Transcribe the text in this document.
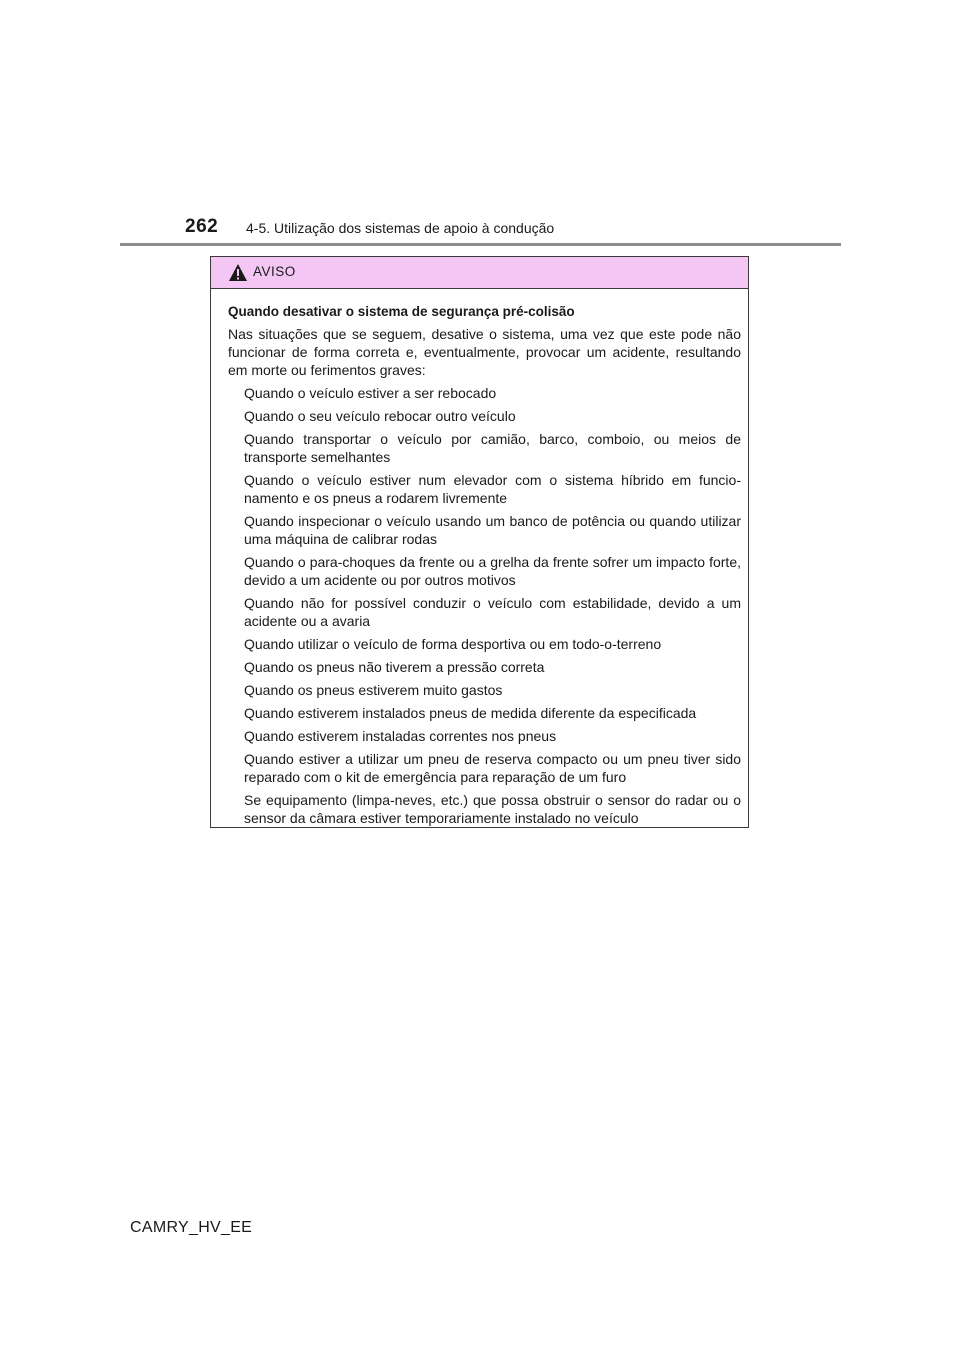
262 4-5. Utilização dos sistemas de apoio à condução
AVISO

Quando desativar o sistema de segurança pré-colisão

Nas situações que se seguem, desative o sistema, uma vez que este pode não funcionar de forma correta e, eventualmente, provocar um acidente, resultando em morte ou ferimentos graves:

Quando o veículo estiver a ser rebocado
Quando o seu veículo rebocar outro veículo
Quando transportar o veículo por camião, barco, comboio, ou meios de transporte semelhantes
Quando o veículo estiver num elevador com o sistema híbrido em funcio-namento e os pneus a rodarem livremente
Quando inspecionar o veículo usando um banco de potência ou quando utilizar uma máquina de calibrar rodas
Quando o para-choques da frente ou a grelha da frente sofrer um impacto forte, devido a um acidente ou por outros motivos
Quando não for possível conduzir o veículo com estabilidade, devido a um acidente ou a avaria
Quando utilizar o veículo de forma desportiva ou em todo-o-terreno
Quando os pneus não tiverem a pressão correta
Quando os pneus estiverem muito gastos
Quando estiverem instalados pneus de medida diferente da especificada
Quando estiverem instaladas correntes nos pneus
Quando estiver a utilizar um pneu de reserva compacto ou um pneu tiver sido reparado com o kit de emergência para reparação de um furo
Se equipamento (limpa-neves, etc.) que possa obstruir o sensor do radar ou o sensor da câmara estiver temporariamente instalado no veículo
CAMRY_HV_EE
